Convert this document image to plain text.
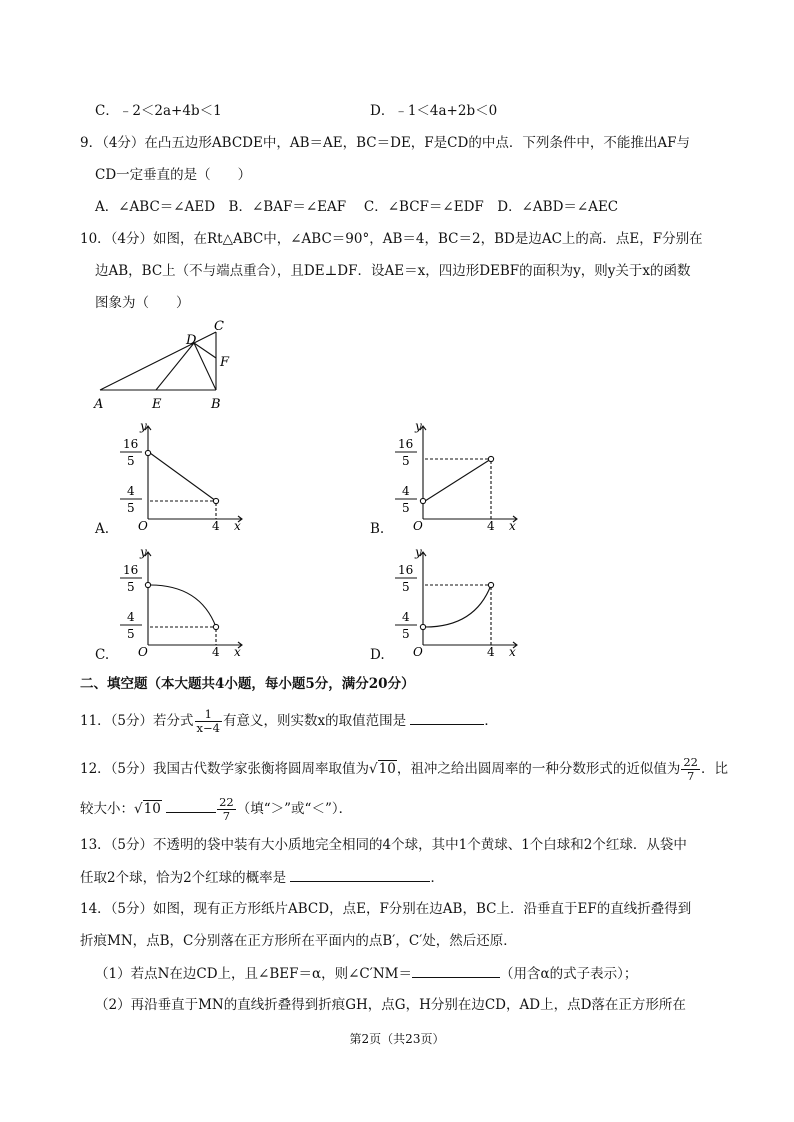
C．﹣2＜2a+4b＜1	D．﹣1＜4a+2b＜0
9．（4分）在凸五边形ABCDE中，AB＝AE，BC＝DE，F是CD的中点．下列条件中，不能推出AF与
CD一定垂直的是（　　）
A．∠ABC＝∠AED　B．∠BAF＝∠EAF　 C．∠BCF＝∠EDF　D．∠ABD＝∠AEC
10．（4分）如图，在Rt△ABC中，∠ABC＝90°，AB＝4，BC＝2，BD是边AC上的高．点E，F分别在
边AB，BC上（不与端点重合），且DE⊥DF．设AE＝x，四边形DEBF的面积为y，则y关于x的函数
图象为（　　）
A	E	B
C
D
F
y
x
O	4
16
5
4
5
A.
y
x
O	4
16
5
4
5
B.
y
x
O	4
16
5
4
5
C.
y
x
O	4
16
5
4
5
D.
二、填空题（本大题共4小题，每小题5分，满分20分）
11．（5分）若分式 $\frac{1}{x-4}$ 有意义，则实数x的取值范围是	．
12．（5分）我国古代数学家张衡将圆周率取值为√10，祖冲之给出圆周率的一种分数形式的近似值为 $\frac{22}{7}$ ．比
较大小：√10	$\frac{22}{7}$ （填“＞”或“＜”）．
13．（5分）不透明的袋中装有大小质地完全相同的4个球，其中1个黄球、1个白球和2个红球．从袋中
任取2个球，恰为2个红球的概率是	．
14．（5分）如图，现有正方形纸片ABCD，点E，F分别在边AB，BC上．沿垂直于EF的直线折叠得到
折痕MN，点B，C分别落在正方形所在平面内的点B′，C′处，然后还原．
（1）若点N在边CD上，且∠BEF＝α，则∠C′NM＝	（用含α的式子表示）；
（2）再沿垂直于MN的直线折叠得到折痕GH，点G，H分别在边CD，AD上，点D落在正方形所在
第2页（共23页）
